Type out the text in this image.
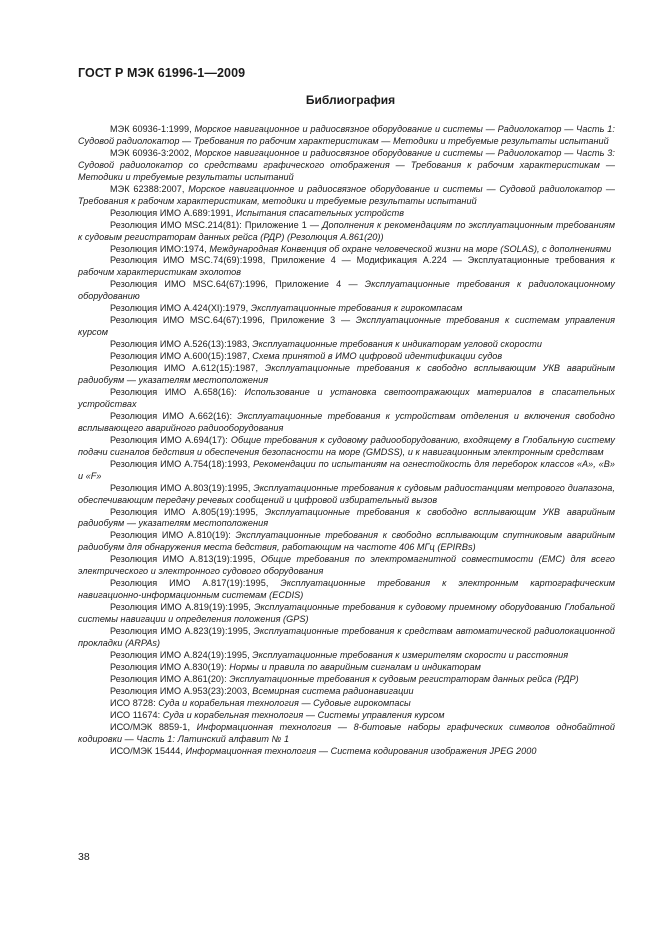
ГОСТ Р МЭК 61996-1—2009
Библиография

МЭК 60936-1:1999, Морское навигационное и радиосвязное оборудование и системы — Радиолокатор — Часть 1: Судовой радиолокатор — Требования по рабочим характеристикам — Методики и требуемые результаты испытаний

МЭК 60936-3:2002, Морское навигационное и радиосвязное оборудование и системы — Радиолокатор — Часть 3: Судовой радиолокатор со средствами графического отображения — Требования к рабочим характеристикам — Методики и требуемые результаты испытаний

МЭК 62388:2007, Морское навигационное и радиосвязное оборудование и системы — Судовой радиолокатор — Требования к рабочим характеристикам, методики и требуемые результаты испытаний

Резолюция ИМО А.689:1991, Испытания спасательных устройств

Резолюция ИМО MSC.214(81): Приложение 1 — Дополнения к рекомендациям по эксплуатационным требованиям к судовым регистраторам данных рейса (РДР) (Резолюция А.861(20))

Резолюция ИМО:1974, Международная Конвенция об охране человеческой жизни на море (SOLAS), с дополнениями

Резолюция ИМО MSC.74(69):1998, Приложение 4 — Модификация А.224 — Эксплуатационные требования к рабочим характеристикам эхолотов

Резолюция ИМО MSC.64(67):1996, Приложение 4 — Эксплуатационные требования к радиолокационному оборудованию

Резолюция ИМО А.424(XI):1979, Эксплуатационные требования к гирокомпасам

Резолюция ИМО MSC.64(67):1996, Приложение 3 — Эксплуатационные требования к системам управления курсом

Резолюция ИМО А.526(13):1983, Эксплуатационные требования к индикаторам угловой скорости

Резолюция ИМО А.600(15):1987, Схема принятой в ИМО цифровой идентификации судов

Резолюция ИМО А.612(15):1987, Эксплуатационные требования к свободно всплывающим УКВ аварийным радиобуям — указателям местоположения

Резолюция ИМО А.658(16): Использование и установка светоотражающих материалов в спасательных устройствах

Резолюция ИМО А.662(16): Эксплуатационные требования к устройствам отделения и включения свободно всплывающего аварийного радиооборудования

Резолюция ИМО А.694(17): Общие требования к судовому радиооборудованию, входящему в Глобальную систему подачи сигналов бедствия и обеспечения безопасности на море (GMDSS), и к навигационным электронным средствам

Резолюция ИМО А.754(18):1993, Рекомендации по испытаниям на огнестойкость для переборок классов «А», «В» и «F»

Резолюция ИМО А.803(19):1995, Эксплуатационные требования к судовым радиостанциям метрового диапазона, обеспечивающим передачу речевых сообщений и цифровой избирательный вызов

Резолюция ИМО А.805(19):1995, Эксплуатационные требования к свободно всплывающим УКВ аварийным радиобуям — указателям местоположения

Резолюция ИМО А.810(19): Эксплуатационные требования к свободно всплывающим спутниковым аварийным радиобуям для обнаружения места бедствия, работающим на частоте 406 МГц (EPIRBs)

Резолюция ИМО А.813(19):1995, Общие требования по электромагнитной совместимости (EMC) для всего электрического и электронного судового оборудования

Резолюция ИМО А.817(19):1995, Эксплуатационные требования к электронным картографическим навигационно-информационным системам (ECDIS)

Резолюция ИМО А.819(19):1995, Эксплуатационные требования к судовому приемному оборудованию Глобальной системы навигации и определения положения (GPS)

Резолюция ИМО А.823(19):1995, Эксплуатационные требования к средствам автоматической радиолокационной прокладки (ARPAs)

Резолюция ИМО А.824(19):1995, Эксплуатационные требования к измерителям скорости и расстояния

Резолюция ИМО А.830(19): Нормы и правила по аварийным сигналам и индикаторам

Резолюция ИМО А.861(20): Эксплуатационные требования к судовым регистраторам данных рейса (РДР)

Резолюция ИМО А.953(23):2003, Всемирная система радионавигации

ИСО 8728: Суда и корабельная технология — Судовые гирокомпасы

ИСО 11674: Суда и корабельная технология — Системы управления курсом

ИСО/МЭК 8859-1, Информационная технология — 8-битовые наборы графических символов однобайтной кодировки — Часть 1: Латинский алфавит № 1

ИСО/МЭК 15444, Информационная технология — Система кодирования изображения JPEG 2000

38
